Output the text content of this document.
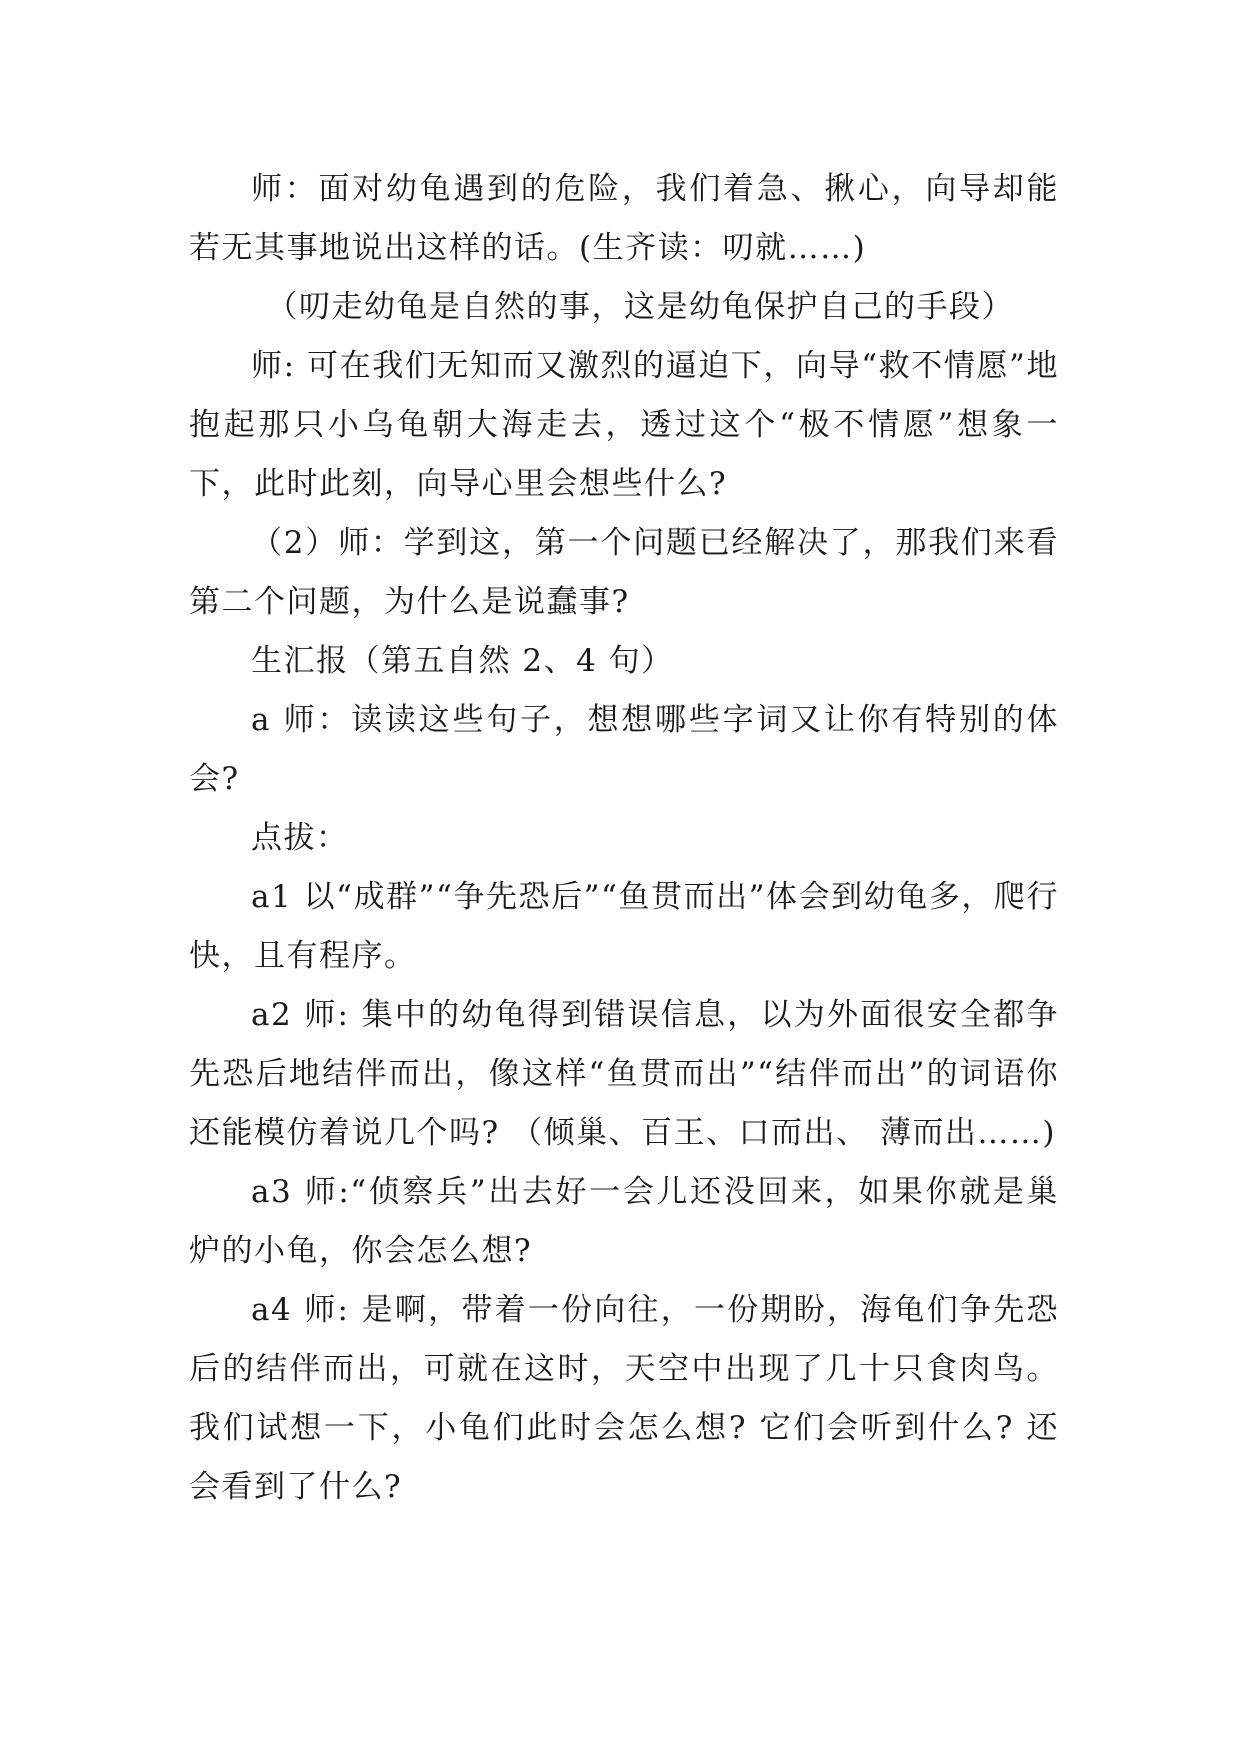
师：面对幼龟遇到的危险，我们着急、揪心，向导却能若无其事地说出这样的话。(生齐读：叨就……)

（叨走幼龟是自然的事，这是幼龟保护自己的手段）

师: 可在我们无知而又激烈的逼迫下，向导“救不情愿”地抱起那只小乌龟朝大海走去，透过这个“极不情愿”想象一下，此时此刻，向导心里会想些什么?

（2）师：学到这，第一个问题已经解决了，那我们来看第二个问题，为什么是说蠢事?

生汇报（第五自然 2、4 句）

a 师：读读这些句子，想想哪些字词又让你有特别的体会?

点拔：

a1 以“成群”“争先恐后”“鱼贯而出”体会到幼龟多，爬行快，且有程序。

a2 师: 集中的幼龟得到错误信息，以为外面很安全都争先恐后地结伴而出，像这样“鱼贯而出”“结伴而出”的词语你还能模仿着说几个吗? （倾巢、百王、口而出、 薄而出……)

a3 师:“侦察兵”出去好一会儿还没回来，如果你就是巢炉的小龟，你会怎么想?

a4 师: 是啊，带着一份向往，一份期盼，海龟们争先恐后的结伴而出，可就在这时，天空中出现了几十只食肉鸟。我们试想一下，小龟们此时会怎么想? 它们会听到什么? 还会看到了什么?
